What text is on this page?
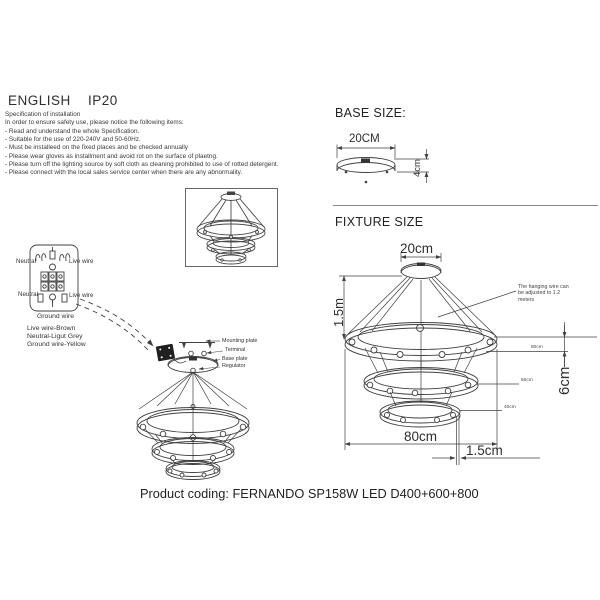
ENGLISH IP20
Specification of installation
In order to ensure safety use, please notice the following items:
- Read and understand the whole Specification.
- Suitable for the use of 220-240V and 50-60Hz.
- Must be installeed on the fixed places and be checked annually
- Please wear gloves as installment and avoid rot on the surface of plaetng.
- Please turn off the lighting source by soft cloth as cleaning prohibited to use of rotted detergent.
- Please connect with the local sales service center when there are any abnormality.
BASE SIZE:
20CM
4cm
FIXTURE SIZE
20cm
1.5m
6cm
80cm
1.5cm
80cm
60cm
40cm
The hanging wire can
be adjusted to 1.2
meters
Mounting plate
Terminal
Base plate
Regulator
Neutral	Live wire
Neutral	Live wire
Ground wire
Live wire-Brown
Neutral-Ligut Grey
Ground wire-Yellow
Product coding: FERNANDO SP158W LED D400+600+800
